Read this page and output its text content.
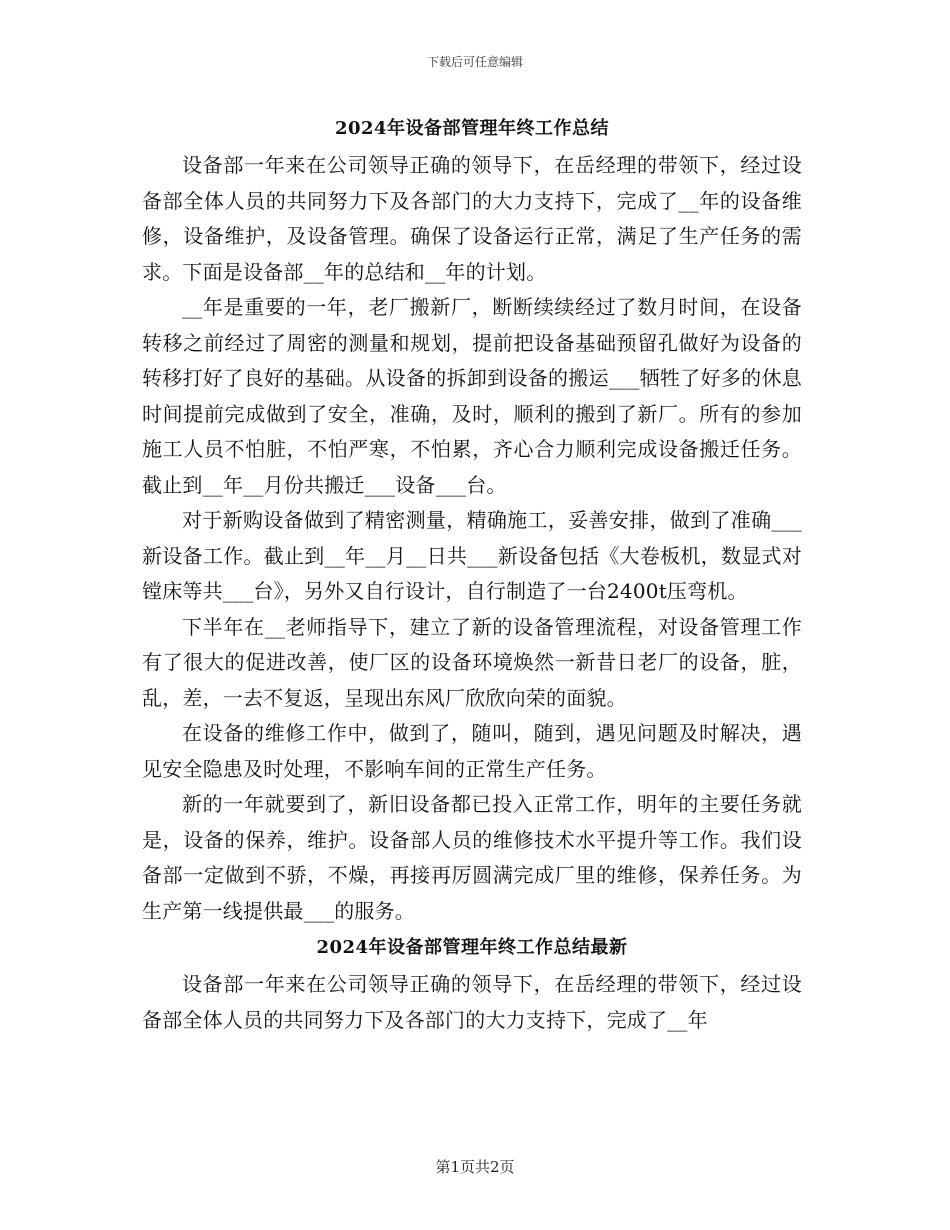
下载后可任意编辑
2024年设备部管理年终工作总结

设备部一年来在公司领导正确的领导下，在岳经理的带领下，经过设备部全体人员的共同努力下及各部门的大力支持下，完成了__年的设备维修，设备维护，及设备管理。确保了设备运行正常，满足了生产任务的需求。下面是设备部__年的总结和__年的计划。

__年是重要的一年，老厂搬新厂，断断续续经过了数月时间，在设备转移之前经过了周密的测量和规划，提前把设备基础预留孔做好为设备的转移打好了良好的基础。从设备的拆卸到设备的搬运___牺牲了好多的休息时间提前完成做到了安全，准确，及时，顺利的搬到了新厂。所有的参加施工人员不怕脏，不怕严寒，不怕累，齐心合力顺利完成设备搬迁任务。截止到__年__月份共搬迁___设备___台。

对于新购设备做到了精密测量，精确施工，妥善安排，做到了准确___新设备工作。截止到__年__月__日共___新设备包括《大卷板机，数显式对镗床等共___台》，另外又自行设计，自行制造了一台2400t压弯机。

下半年在__老师指导下，建立了新的设备管理流程，对设备管理工作有了很大的促进改善，使厂区的设备环境焕然一新昔日老厂的设备，脏，乱，差，一去不复返，呈现出东风厂欣欣向荣的面貌。

在设备的维修工作中，做到了，随叫，随到，遇见问题及时解决，遇见安全隐患及时处理，不影响车间的正常生产任务。

新的一年就要到了，新旧设备都已投入正常工作，明年的主要任务就是，设备的保养，维护。设备部人员的维修技术水平提升等工作。我们设备部一定做到不骄，不燥，再接再厉圆满完成厂里的维修，保养任务。为生产第一线提供最___的服务。

2024年设备部管理年终工作总结最新

设备部一年来在公司领导正确的领导下，在岳经理的带领下，经过设备部全体人员的共同努力下及各部门的大力支持下，完成了__年

第1页共2页
